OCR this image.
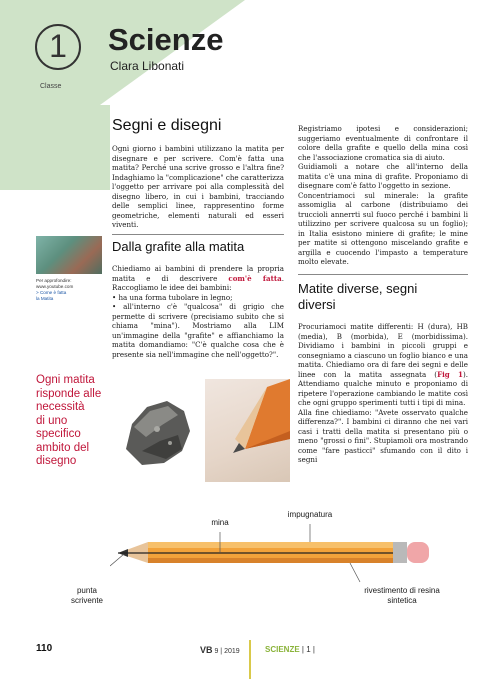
1
Classe
Scienze
Clara Libonati
Per approfondire:
www.youtube.com
> Come è fatta
la Matita
Ogni matita
risponde alle
necessità
di uno
specifico
ambito del
disegno
Segni e disegni

Ogni giorno i bambini utilizzano la matita per disegnare e per scrivere. Com'è fatta una matita? Perché una scrive grosso e l'altra fine? Indaghiamo la "complicazione" che caratterizza l'oggetto per arrivare poi alla complessità del disegno libero, in cui i bambini, tracciando delle semplici linee, rappresentino forme geometriche, elementi naturali ed esseri viventi.

Dalla grafite alla matita

Chiediamo ai bambini di prendere la propria matita e di descrivere com'è fatta. Raccogliamo le idee dei bambini:

• ha una forma tubolare in legno;

• all'interno c'è "qualcosa" di grigio che permette di scrivere (precisiamo subito che si chiama "mina"). Mostriamo alla LIM un'immagine della "grafite" e affianchiamo la matita domandiamo: "C'è qualche cosa che è presente sia nell'immagine che nell'oggetto?".

Registriamo ipotesi e considerazioni; suggeriamo eventualmente di confrontare il colore della grafite e quello della mina così che l'associazione cromatica sia di aiuto.

Guidiamoli a notare che all'interno della matita c'è una mina di grafite. Proponiamo di disegnare com'è fatto l'oggetto in sezione.

Concentriamoci sul minerale: la grafite assomiglia al carbone (distribuiamo dei truccioli annerrti sul fuoco perché i bambini li utilizzino per scrivere qualcosa su un foglio); in Italia esistono miniere di grafite; le mine per matite si ottengono miscelando grafite e argilla e cuocendo l'impasto a temperature molto elevate.

Matite diverse, segni
diversi

Procuriamoci matite differenti: H (dura), HB (media), B (morbida), E (morbidissima). Dividiamo i bambini in piccoli gruppi e consegniamo a ciascuno un foglio bianco e una matita. Chiediamo ora di fare dei segni e delle linee con la matita assegnata (Fig 1). Attendiamo qualche minuto e proponiamo di ripetere l'operazione cambiando le matite così che ogni gruppo sperimenti tutti i tipi di mina.

Alla fine chiediamo: "Avete osservato qualche differenza?". I bambini ci diranno che nei vari casi i tratti della matita si presentano più o meno "grossi o fini". Stupiamoli ora mostrando come "fare pasticci" sfumando con il dito i segni

mina
impugnatura
punta
scrivente
rivestimento di resina
sintetica
110	VB 9 | 2019	SCIENZE | 1 |
